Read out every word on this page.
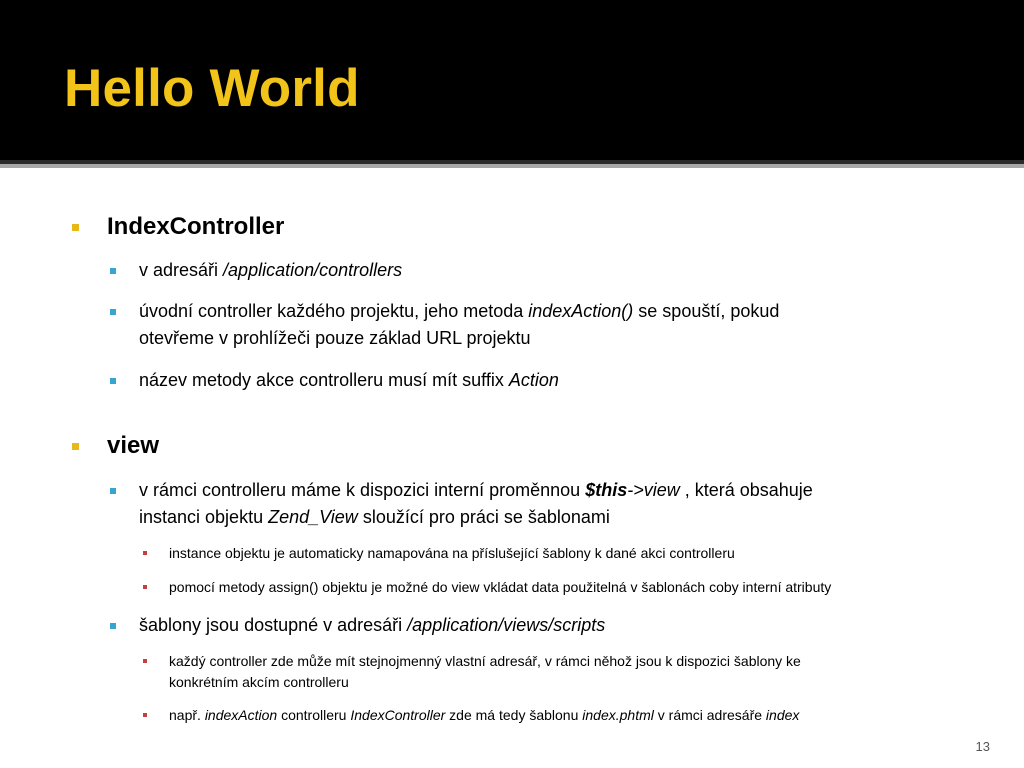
Hello World
IndexController
v adresáři /application/controllers
úvodní controller každého projektu, jeho metoda indexAction() se spouští, pokud
otevřeme v prohlížeči pouze základ URL projektu
název metody akce controlleru musí mít suffix Action
view
v rámci controlleru máme k dispozici interní proměnnou $this->view , která obsahuje
instanci objektu Zend_View sloužící pro práci se šablonami
instance objektu je automaticky namapována na příslušející šablony k dané akci controlleru
pomocí metody assign() objektu je možné do view vkládat data použitelná v šablonách coby interní atributy
šablony jsou dostupné v adresáři /application/views/scripts
každý controller zde může mít stejnojmenný vlastní adresář, v rámci něhož jsou k dispozici šablony ke
konkrétním akcím controlleru
např. indexAction controlleru IndexController zde má tedy šablonu index.phtml v rámci adresáře index
13
